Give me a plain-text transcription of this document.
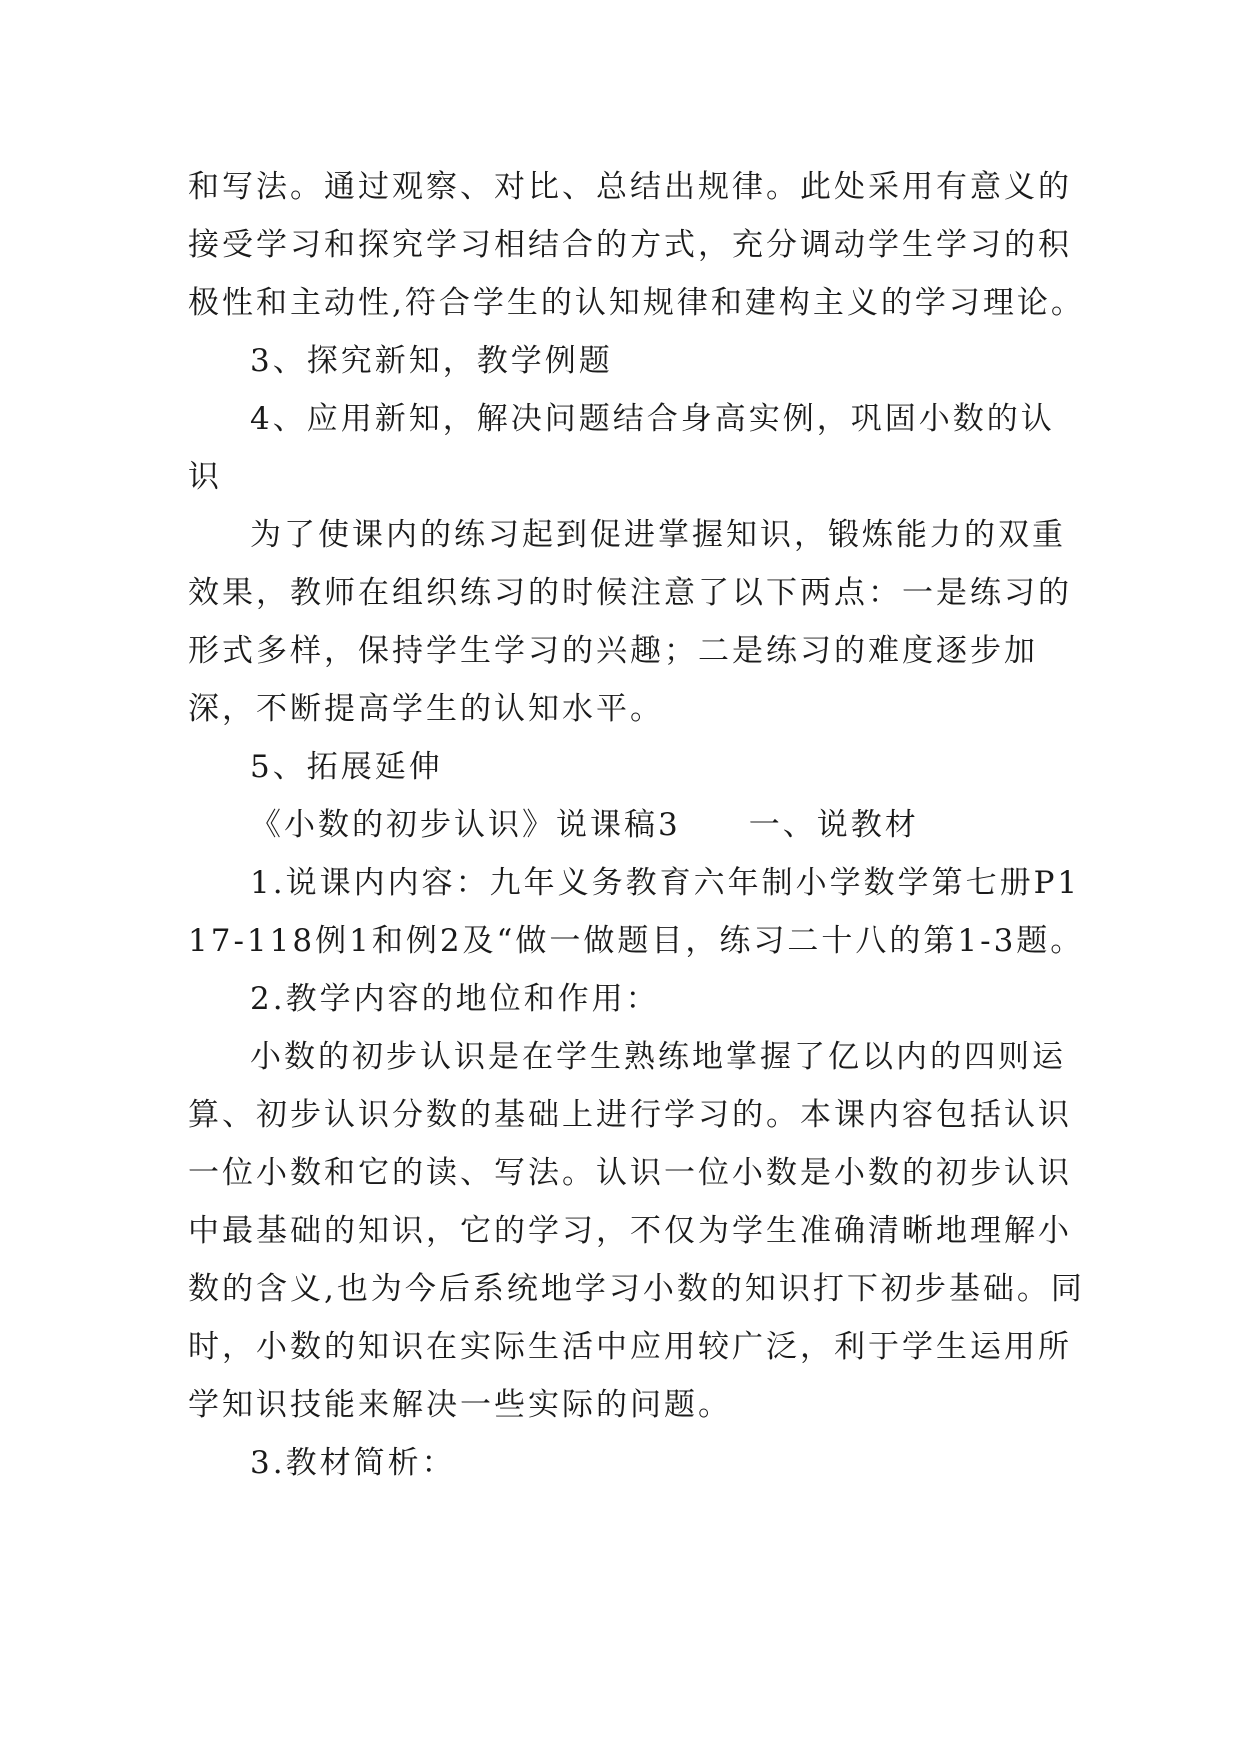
和写法。通过观察、对比、总结出规律。此处采用有意义的接受学习和探究学习相结合的方式，充分调动学生学习的积极性和主动性,符合学生的认知规律和建构主义的学习理论。

3、探究新知，教学例题

4、应用新知，解决问题结合身高实例，巩固小数的认识

为了使课内的练习起到促进掌握知识，锻炼能力的双重效果，教师在组织练习的时候注意了以下两点：一是练习的形式多样，保持学生学习的兴趣；二是练习的难度逐步加深，不断提高学生的认知水平。

5、拓展延伸

《小数的初步认识》说课稿3　　一、说教材

1.说课内内容：九年义务教育六年制小学数学第七册P117-118例1和例2及“做一做题目，练习二十八的第1-3题。

2.教学内容的地位和作用：

小数的初步认识是在学生熟练地掌握了亿以内的四则运算、初步认识分数的基础上进行学习的。本课内容包括认识一位小数和它的读、写法。认识一位小数是小数的初步认识中最基础的知识，它的学习，不仅为学生准确清晰地理解小数的含义,也为今后系统地学习小数的知识打下初步基础。同时，小数的知识在实际生活中应用较广泛，利于学生运用所学知识技能来解决一些实际的问题。

3.教材简析：
